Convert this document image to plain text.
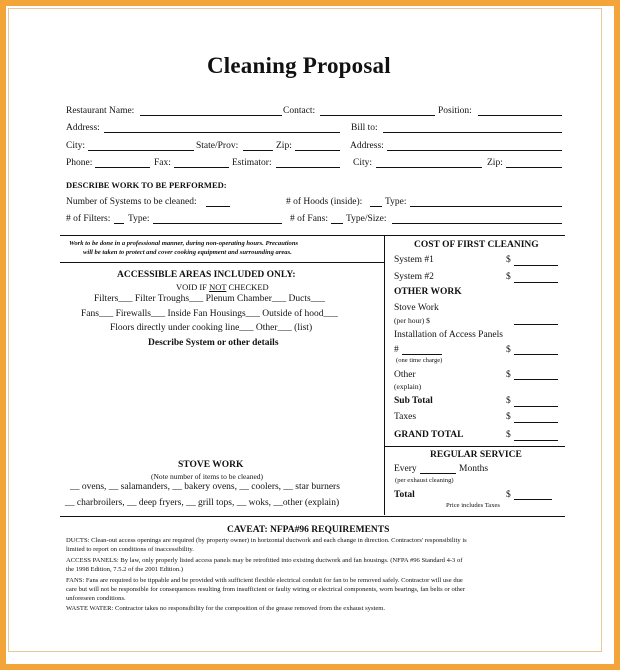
Cleaning Proposal
Restaurant Name:	Contact:	Position:
Address:	Bill to:
City:	State/Prov:	Zip:	Address:
Phone:	Fax:	Estimator:	City:	Zip:
DESCRIBE WORK TO BE PERFORMED:
Number of Systems to be cleaned:	# of Hoods (inside): Type:
# of Filters: Type:	# of Fans: Type/Size:
Work to be done in a professional manner, during non-operating hours. Precautions
will be taken to protect and cover cooking equipment and surrounding areas.
ACCESSIBLE AREAS INCLUDED ONLY:
VOID IF NOT CHECKED
Filters___ Filter Troughs___ Plenum Chamber___ Ducts___
Fans___ Firewalls___ Inside Fan Housings___ Outside of hood___
Floors directly under cooking line___ Other___ (list)
Describe System or other details
STOVE WORK
(Note number of items to be cleaned)
__ ovens, __ salamanders, __ bakery ovens, __ coolers, __ star burners
__ charbroilers, __ deep fryers, __ grill tops, __ woks, __other (explain)
COST OF FIRST CLEANING
System #1	$
System #2	$
OTHER WORK
Stove Work
(per hour) $
Installation of Access Panels
#	$
(one time charge)
Other	$
(explain)
Sub Total	$
Taxes	$
GRAND TOTAL	$
REGULAR SERVICE
Every	Months
(per exhaust cleaning)
Total	$
Price includes Taxes
CAVEAT: NFPA#96 REQUIREMENTS
DUCTS: Clean-out access openings are required (by property owner) in horizontal ductwork and each change in direction. Contractors' responsibility is
limited to report on conditions of inaccessibility.
ACCESS PANELS: By law, only properly listed access panels may be retrofitted into existing ductwork and fan housings. (NFPA #96 Standard 4-3 of
the 1998 Edition, 7.5.2 of the 2001 Edition.)
FANS: Fans are required to be tippable and be provided with sufficient flexible electrical conduit for fan to be removed safely. Contractor will use due
care but will not be responsible for consequences resulting from insufficient or faulty wiring or electrical components, worn bearings, fan belts or other
unforeseen conditions.
WASTE WATER: Contractor takes no responsibility for the composition of the grease removed from the exhaust system.
